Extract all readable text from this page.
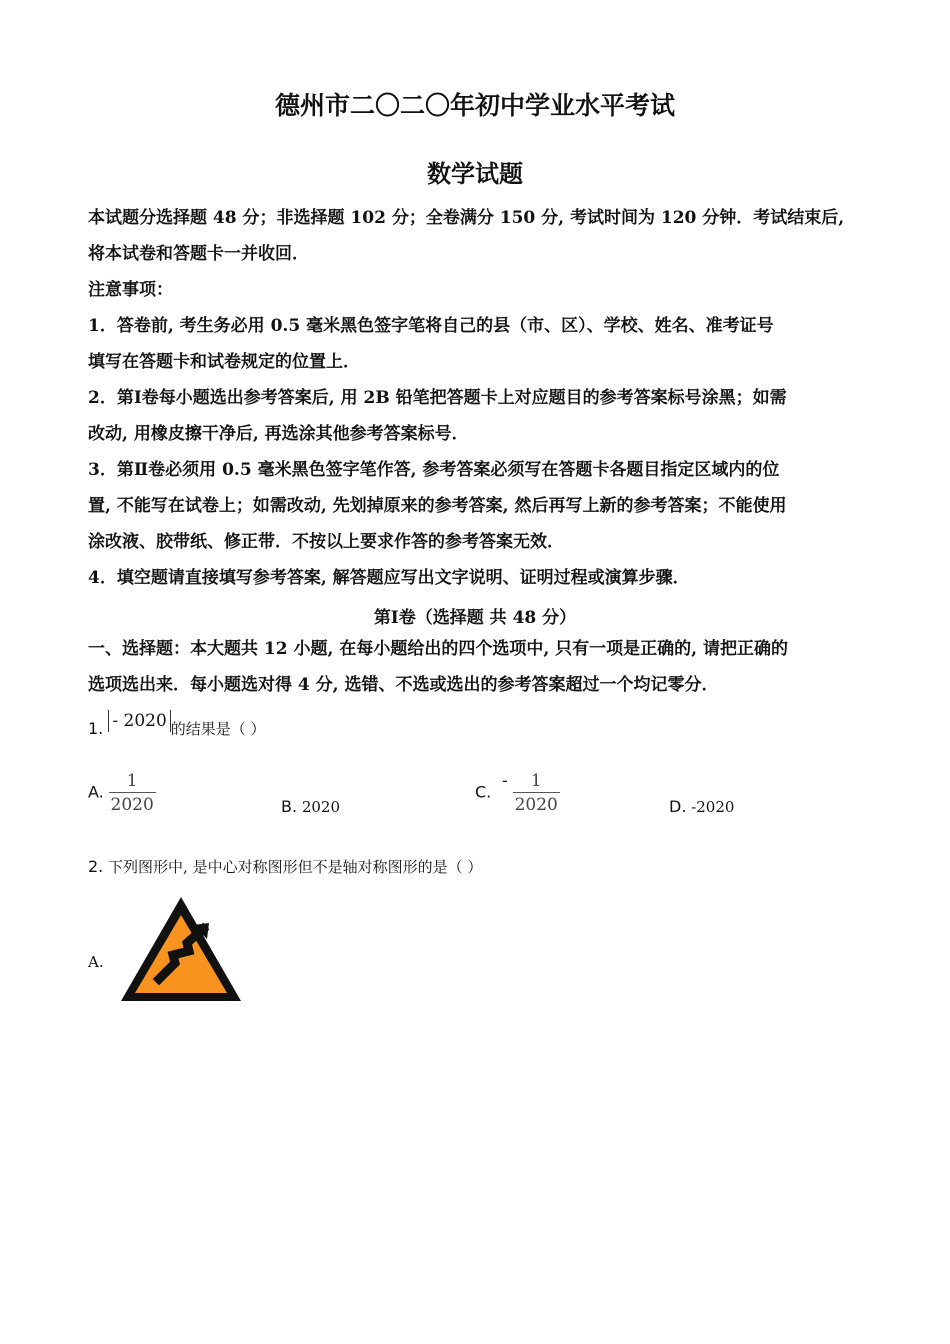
德州市二〇二〇年初中学业水平考试
数学试题
本试题分选择题 48 分；非选择题 102 分；全卷满分 150 分, 考试时间为 120 分钟．考试结束后,
将本试卷和答题卡一并收回．
注意事项：
1．答卷前, 考生务必用 0.5 毫米黑色签字笔将自己的县（市、区）、学校、姓名、准考证号
填写在答题卡和试卷规定的位置上．
2．第Ⅰ卷每小题选出参考答案后, 用 2B 铅笔把答题卡上对应题目的参考答案标号涂黑；如需
改动, 用橡皮擦干净后, 再选涂其他参考答案标号．
3．第Ⅱ卷必须用 0.5 毫米黑色签字笔作答, 参考答案必须写在答题卡各题目指定区域内的位
置, 不能写在试卷上；如需改动, 先划掉原来的参考答案, 然后再写上新的参考答案；不能使用
涂改液、胶带纸、修正带．不按以上要求作答的参考答案无效．
4．填空题请直接填写参考答案, 解答题应写出文字说明、证明过程或演算步骤．
第Ⅰ卷（选择题 共 48 分）
一、选择题：本大题共 12 小题, 在每小题给出的四个选项中, 只有一项是正确的, 请把正确的
选项选出来．每小题选对得 4 分, 选错、不选或选出的参考答案超过一个均记零分．
1. - 2020 的结果是（ ）
A. $\frac{1}{2020}$	B. 2020
C. - $\frac{1}{2020}$	D. -2020
2. 下列图形中, 是中心对称图形但不是轴对称图形的是（ ）
A.
